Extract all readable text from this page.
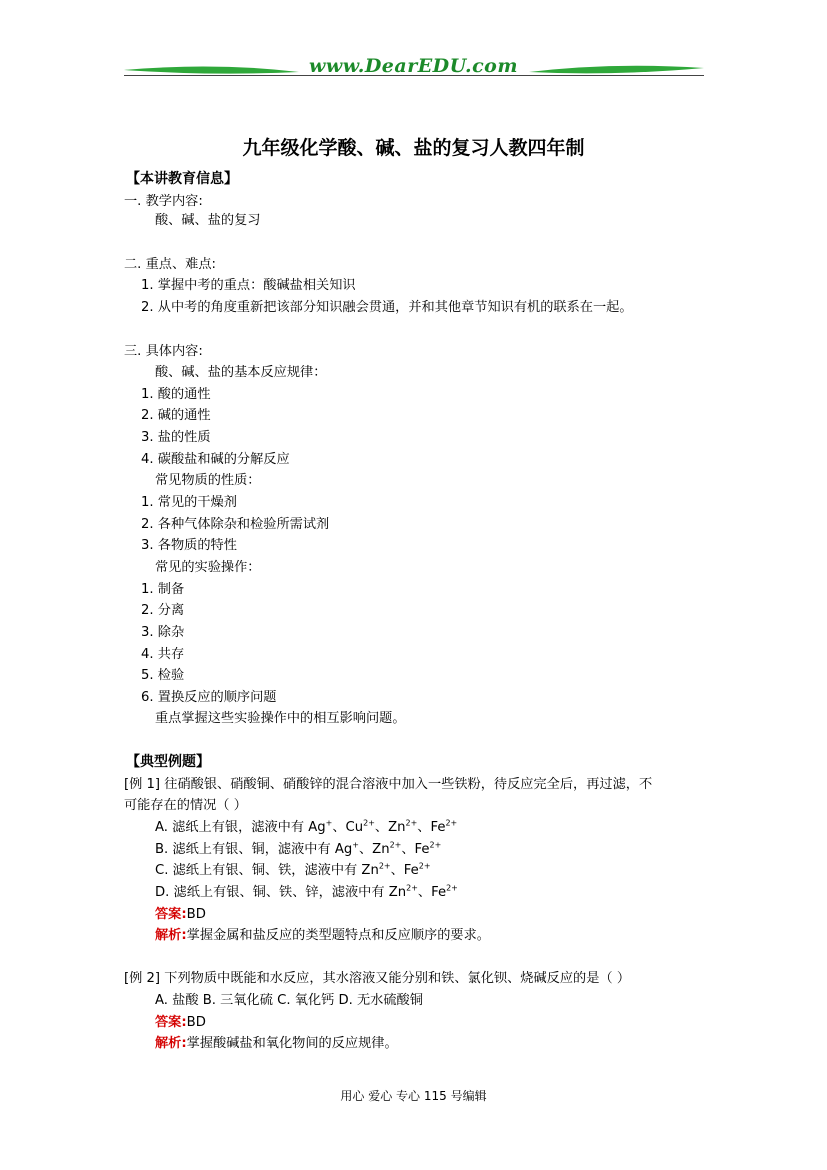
www.DearEDU.com
九年级化学酸、碱、盐的复习人教四年制
【本讲教育信息】
一. 教学内容:
酸、碱、盐的复习
二. 重点、难点:
1. 掌握中考的重点：酸碱盐相关知识
2. 从中考的角度重新把该部分知识融会贯通，并和其他章节知识有机的联系在一起。
三. 具体内容:
酸、碱、盐的基本反应规律：
1. 酸的通性
2. 碱的通性
3. 盐的性质
4. 碳酸盐和碱的分解反应
常见物质的性质：
1. 常见的干燥剂
2. 各种气体除杂和检验所需试剂
3. 各物质的特性
常见的实验操作：
1. 制备
2. 分离
3. 除杂
4. 共存
5. 检验
6. 置换反应的顺序问题
重点掌握这些实验操作中的相互影响问题。
【典型例题】
[例 1] 往硝酸银、硝酸铜、硝酸锌的混合溶液中加入一些铁粉，待反应完全后，再过滤，不
可能存在的情况（ ）
A. 滤纸上有银，滤液中有 Ag+、$Cu^{2+}$、$Zn^{2+}$、$Fe^{2+}$
B. 滤纸上有银、铜，滤液中有 Ag+、$Zn^{2+}$、$Fe^{2+}$
C. 滤纸上有银、铜、铁，滤液中有 $Zn^{2+}$、$Fe^{2+}$
D. 滤纸上有银、铜、铁、锌，滤液中有 $Zn^{2+}$、$Fe^{2+}$
答案:BD
解析:掌握金属和盐反应的类型题特点和反应顺序的要求。
[例 2] 下列物质中既能和水反应，其水溶液又能分别和铁、氯化钡、烧碱反应的是（ ）
A. 盐酸 B. 三氧化硫 C. 氧化钙 D. 无水硫酸铜
答案:BD
解析:掌握酸碱盐和氧化物间的反应规律。
用心 爱心 专心 115 号编辑
